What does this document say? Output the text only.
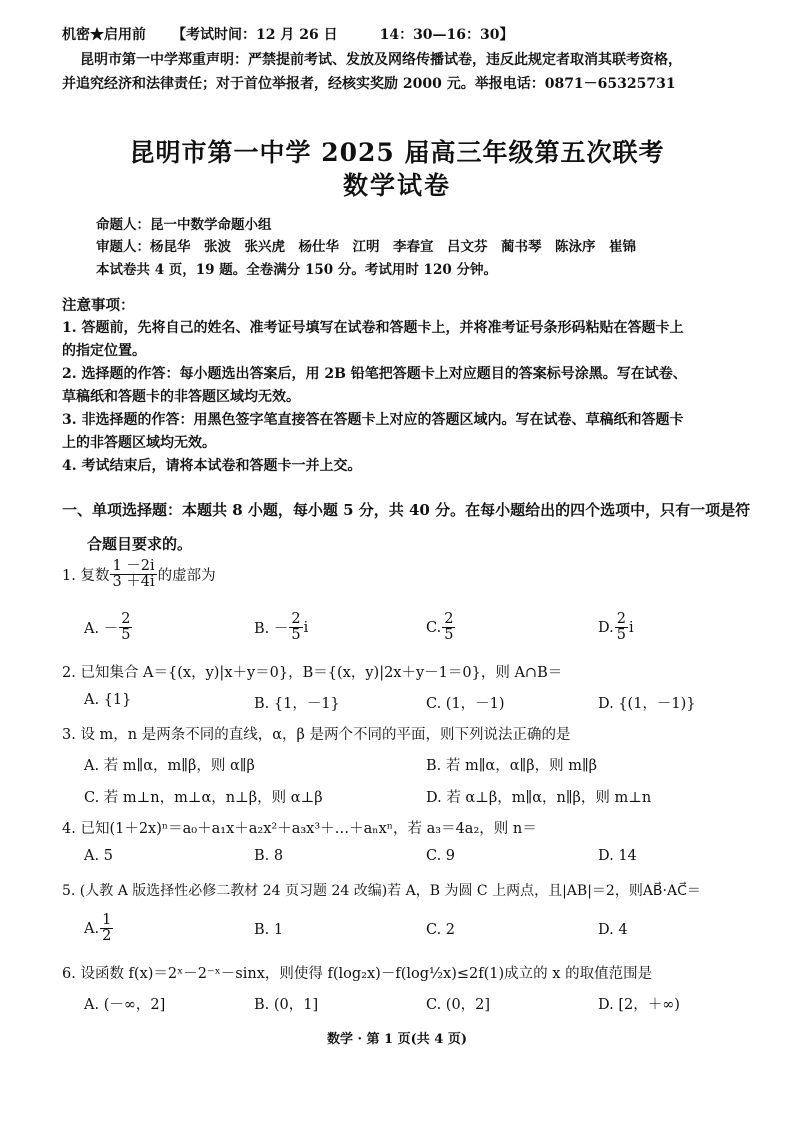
机密★启用前 【考试时间：12 月 26 日　　　14：30—16：30】
昆明市第一中学郑重声明：严禁提前考试、发放及网络传播试卷，违反此规定者取消其联考资格，
并追究经济和法律责任；对于首位举报者，经核实奖励 2000 元。举报电话：0871－65325731
昆明市第一中学 2025 届高三年级第五次联考
数学试卷
命题人：昆一中数学命题小组
审题人：杨昆华　张波　张兴虎　杨仕华　江明　李春宣　吕文芬　蔺书琴　陈泳序　崔锦
本试卷共 4 页，19 题。全卷满分 150 分。考试用时 120 分钟。
注意事项：
1. 答题前，先将自己的姓名、准考证号填写在试卷和答题卡上，并将准考证号条形码粘贴在答题卡上
的指定位置。
2. 选择题的作答：每小题选出答案后，用 2B 铅笔把答题卡上对应题目的答案标号涂黑。写在试卷、
草稿纸和答题卡的非答题区域均无效。
3. 非选择题的作答：用黑色签字笔直接答在答题卡上对应的答题区域内。写在试卷、草稿纸和答题卡
上的非答题区域均无效。
4. 考试结束后，请将本试卷和答题卡一并上交。
一、单项选择题：本题共 8 小题，每小题 5 分，共 40 分。在每小题给出的四个选项中，只有一项是符
合题目要求的。
1. 复数 $\frac{1 -2i}{3 +4i}$ 的虚部为
A. － $\frac{2}{5}$	B. － $\frac{2}{5}$ i	C. $\frac{2}{5}$	D. $\frac{2}{5}$ i
2. 已知集合 A＝{(x，y)|x＋y＝0}，B＝{(x，y)|2x＋y－1＝0}，则 A∩B＝
A. {1}	B. {1，－1}	C. (1，－1)	D. {(1，－1)}
3. 设 m，n 是两条不同的直线，α，β 是两个不同的平面，则下列说法正确的是
A. 若 m∥α，m∥β，则 α∥β	B. 若 m∥α，α∥β，则 m∥β
C. 若 m⊥n，m⊥α，n⊥β，则 α⊥β	D. 若 α⊥β，m∥α，n∥β，则 m⊥n
4. 已知(1＋2x)ⁿ＝a₀＋a₁x＋a₂x²＋a₃x³＋…＋aₙxⁿ，若 a₃＝4a₂，则 n＝
A. 5	B. 8	C. 9	D. 14
5. (人教 A 版选择性必修二教材 24 页习题 24 改编)若 A，B 为圆 C 上两点，且|AB|＝2，则AB⃗·AC⃗＝
A. $\frac{1}{2}$	B. 1	C. 2	D. 4
6. 设函数 f(x)＝2ˣ－2⁻ˣ－sinx，则使得 f(log₂x)－f(log½x)≤2f(1)成立的 x 的取值范围是
A. (－∞，2]	B. (0，1]	C. (0，2]	D. [2，＋∞)
数学 · 第 1 页(共 4 页)
